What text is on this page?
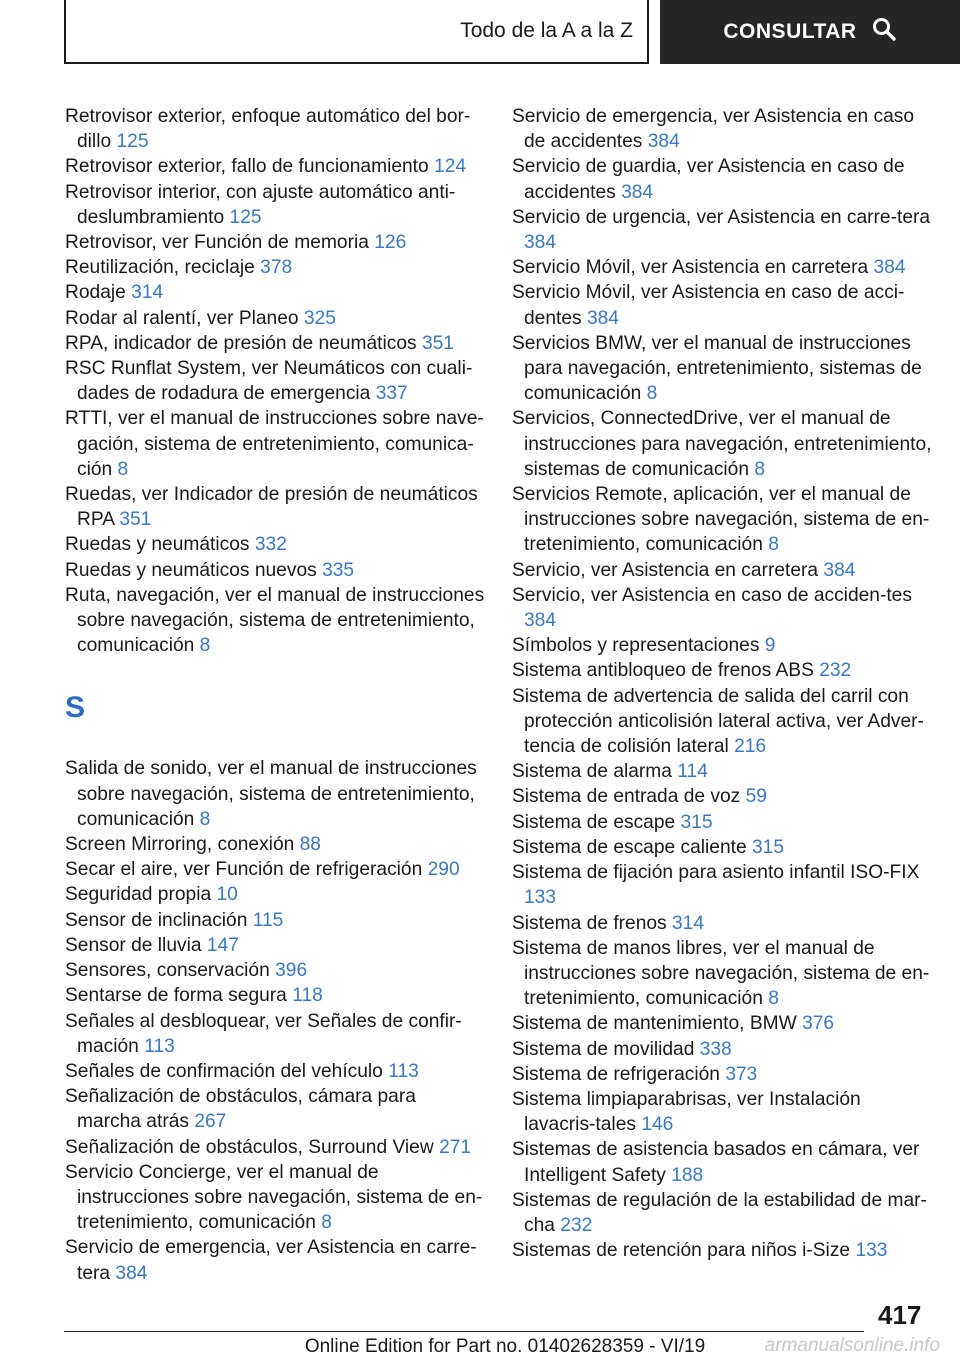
Todo de la A a la Z	CONSULTAR

Retrovisor exterior, enfoque automático del bor-dillo 125

Retrovisor exterior, fallo de funcionamiento 124

Retrovisor interior, con ajuste automático anti-deslumbramiento 125

Retrovisor, ver Función de memoria 126

Reutilización, reciclaje 378

Rodaje 314

Rodar al ralentí, ver Planeo 325

RPA, indicador de presión de neumáticos 351

RSC Runflat System, ver Neumáticos con cuali-dades de rodadura de emergencia 337

RTTI, ver el manual de instrucciones sobre nave-gación, sistema de entretenimiento, comunica-ción 8

Ruedas, ver Indicador de presión de neumáticos RPA 351

Ruedas y neumáticos 332

Ruedas y neumáticos nuevos 335

Ruta, navegación, ver el manual de instrucciones sobre navegación, sistema de entretenimiento, comunicación 8

S

Salida de sonido, ver el manual de instrucciones sobre navegación, sistema de entretenimiento, comunicación 8

Screen Mirroring, conexión 88

Secar el aire, ver Función de refrigeración 290

Seguridad propia 10

Sensor de inclinación 115

Sensor de lluvia 147

Sensores, conservación 396

Sentarse de forma segura 118

Señales al desbloquear, ver Señales de confir-mación 113

Señales de confirmación del vehículo 113

Señalización de obstáculos, cámara para marcha atrás 267

Señalización de obstáculos, Surround View 271

Servicio Concierge, ver el manual de instrucciones sobre navegación, sistema de en-tretenimiento, comunicación 8

Servicio de emergencia, ver Asistencia en carre-tera 384

Servicio de emergencia, ver Asistencia en caso de accidentes 384

Servicio de guardia, ver Asistencia en caso de accidentes 384

Servicio de urgencia, ver Asistencia en carre-tera 384

Servicio Móvil, ver Asistencia en carretera 384

Servicio Móvil, ver Asistencia en caso de acci-dentes 384

Servicios BMW, ver el manual de instrucciones para navegación, entretenimiento, sistemas de comunicación 8

Servicios, ConnectedDrive, ver el manual de instrucciones para navegación, entretenimiento, sistemas de comunicación 8

Servicios Remote, aplicación, ver el manual de instrucciones sobre navegación, sistema de en-tretenimiento, comunicación 8

Servicio, ver Asistencia en carretera 384

Servicio, ver Asistencia en caso de acciden-tes 384

Símbolos y representaciones 9

Sistema antibloqueo de frenos ABS 232

Sistema de advertencia de salida del carril con protección anticolisión lateral activa, ver Adver-tencia de colisión lateral 216

Sistema de alarma 114

Sistema de entrada de voz 59

Sistema de escape 315

Sistema de escape caliente 315

Sistema de fijación para asiento infantil ISO-FIX 133

Sistema de frenos 314

Sistema de manos libres, ver el manual de instrucciones sobre navegación, sistema de en-tretenimiento, comunicación 8

Sistema de mantenimiento, BMW 376

Sistema de movilidad 338

Sistema de refrigeración 373

Sistema limpiaparabrisas, ver Instalación lavacris-tales 146

Sistemas de asistencia basados en cámara, ver Intelligent Safety 188

Sistemas de regulación de la estabilidad de mar-cha 232

Sistemas de retención para niños i-Size 133

417
Online Edition for Part no. 01402628359 - VI/19	armanualsonline.info
